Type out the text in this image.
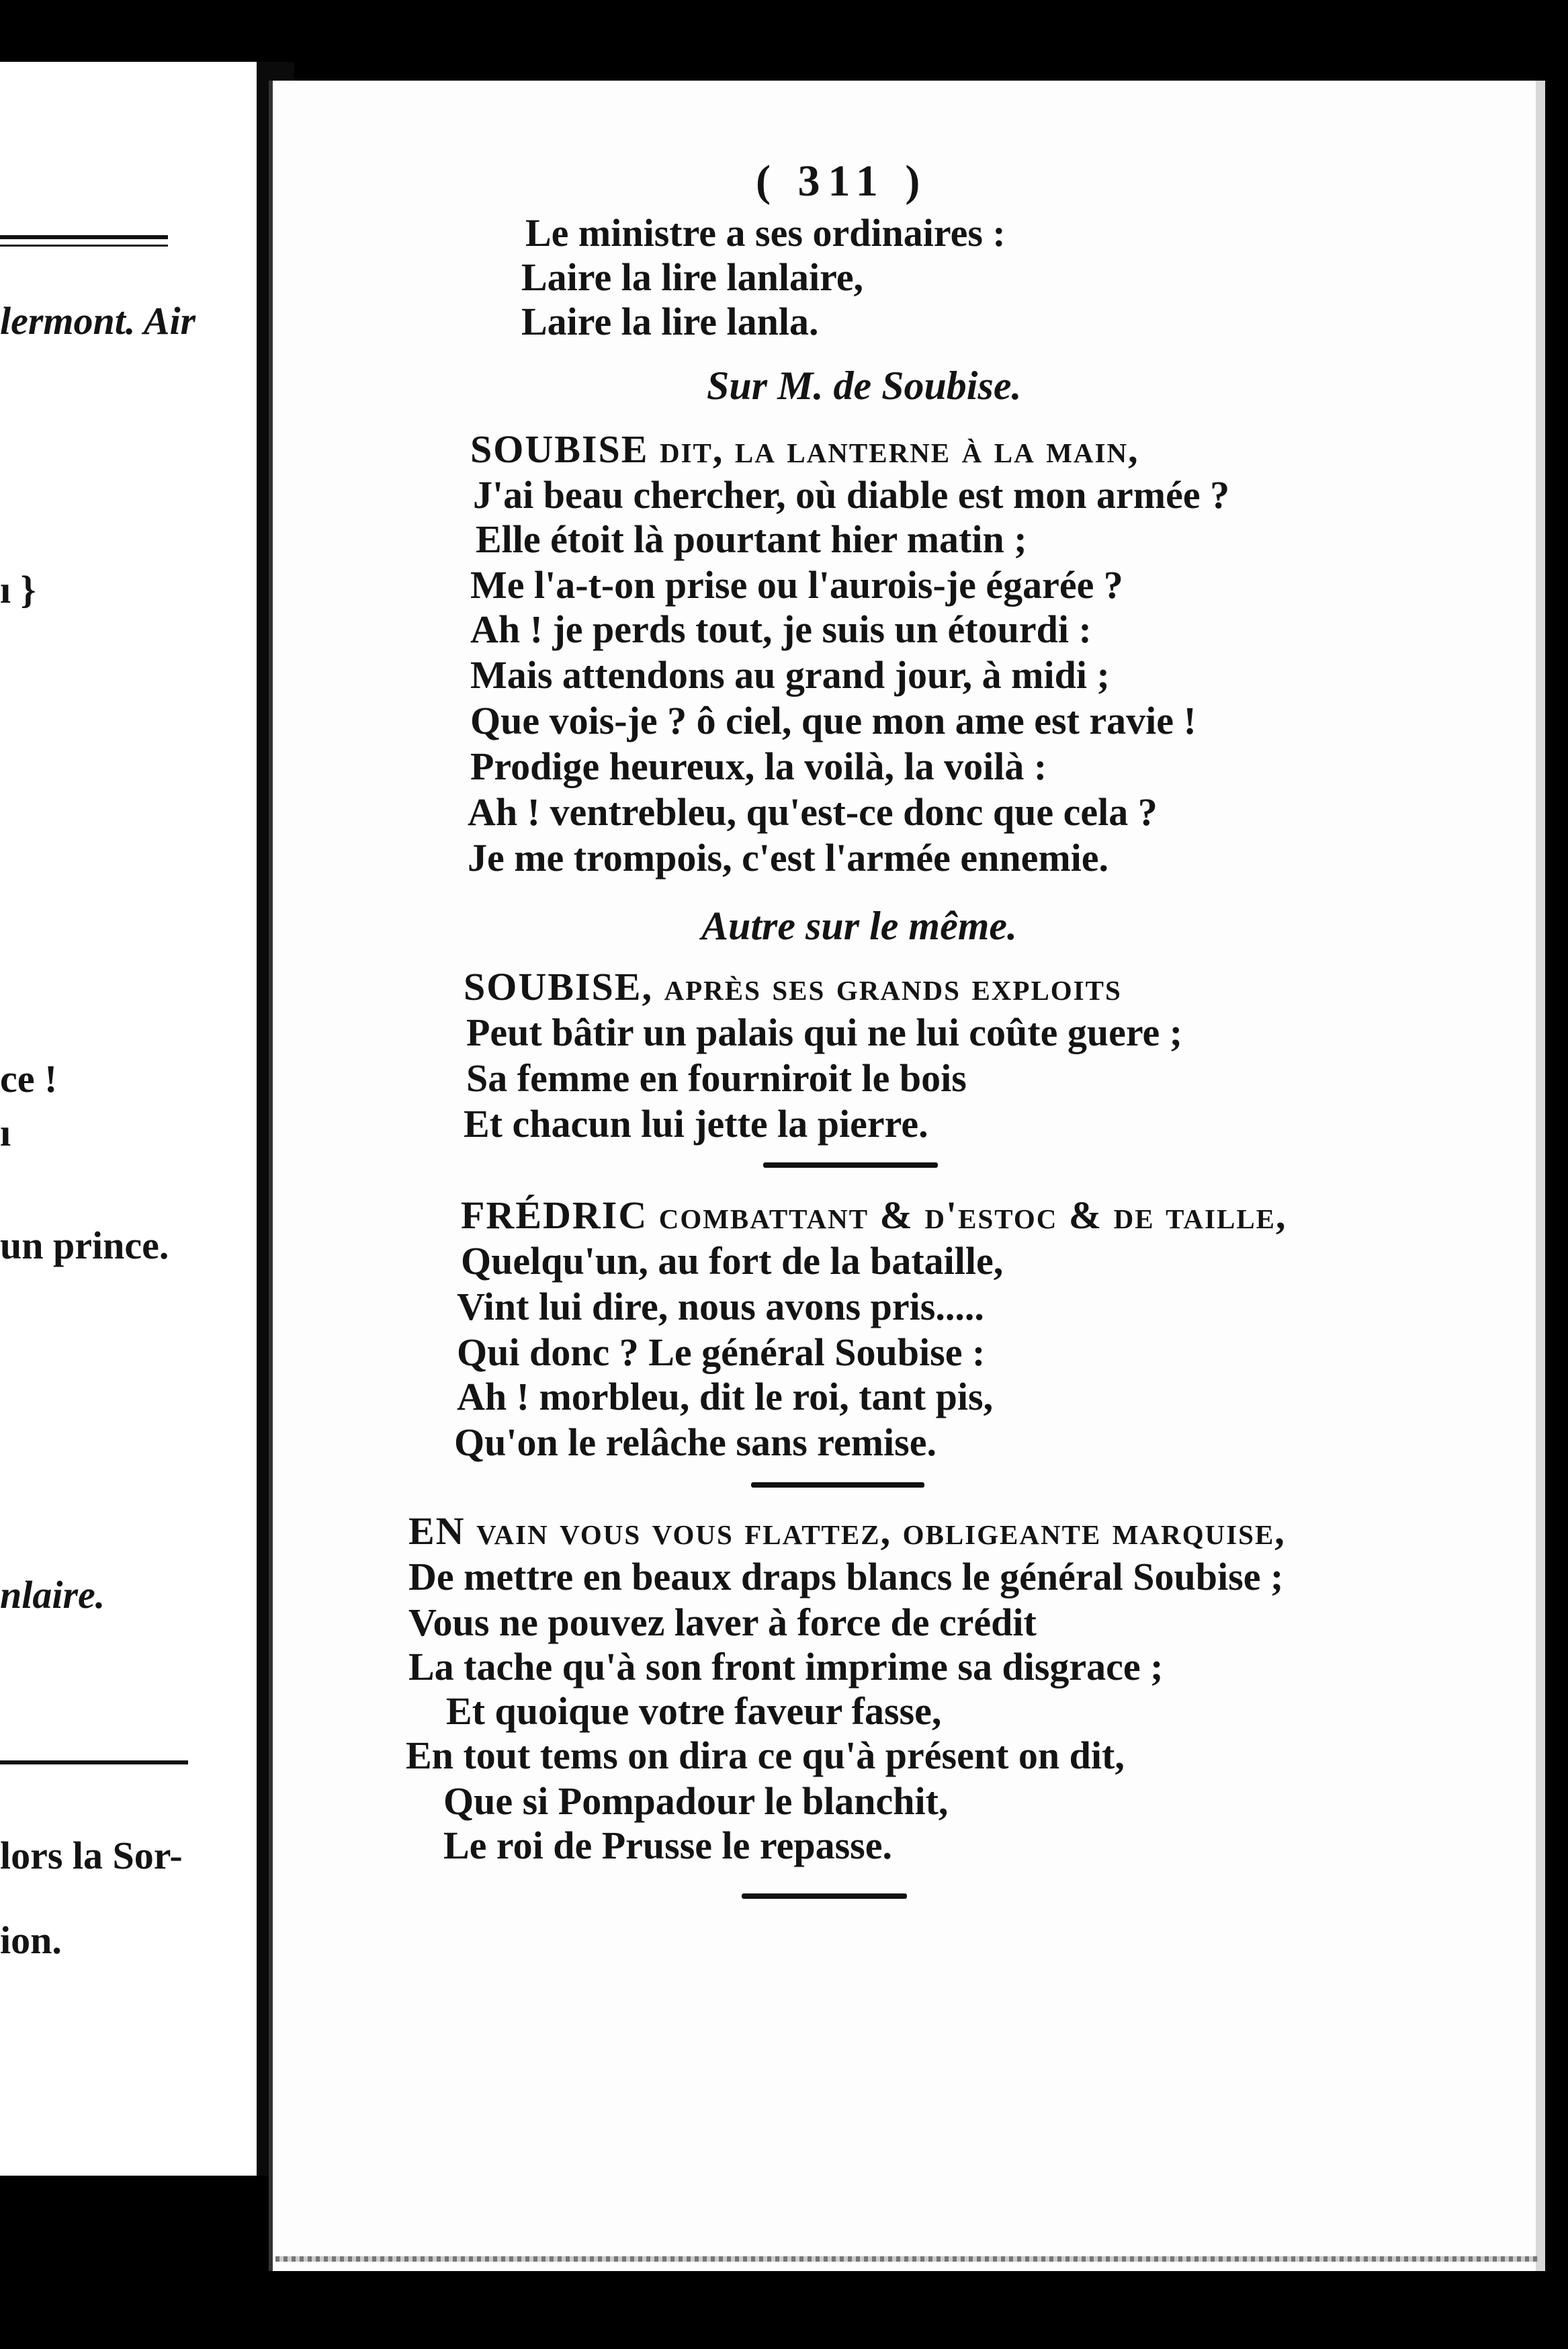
lermont. Air
ı }
ce !
ı
un prince.
nlaire.
lors la Sor-
ion.
( 311 )
Le ministre a ses ordinaires :
Laire la lire lanlaire,
Laire la lire lanla.
Sur M. de Soubise.
SOUBISE dit, la lanterne à la main,
J'ai beau chercher, où diable est mon armée ?
Elle étoit là pourtant hier matin ;
Me l'a-t-on prise ou l'aurois-je égarée ?
Ah ! je perds tout, je suis un étourdi :
Mais attendons au grand jour, à midi ;
Que vois-je ? ô ciel, que mon ame est ravie !
Prodige heureux, la voilà, la voilà :
Ah ! ventrebleu, qu'est-ce donc que cela ?
Je me trompois, c'est l'armée ennemie.
Autre sur le même.
SOUBISE, après ses grands exploits
Peut bâtir un palais qui ne lui coûte guere ;
Sa femme en fourniroit le bois
Et chacun lui jette la pierre.
FRÉDRIC combattant & d'estoc & de taille,
Quelqu'un, au fort de la bataille,
Vint lui dire, nous avons pris.....
Qui donc ? Le général Soubise :
Ah ! morbleu, dit le roi, tant pis,
Qu'on le relâche sans remise.
EN vain vous vous flattez, obligeante marquise,
De mettre en beaux draps blancs le général Soubise ;
Vous ne pouvez laver à force de crédit
La tache qu'à son front imprime sa disgrace ;
Et quoique votre faveur fasse,
En tout tems on dira ce qu'à présent on dit,
Que si Pompadour le blanchit,
Le roi de Prusse le repasse.
